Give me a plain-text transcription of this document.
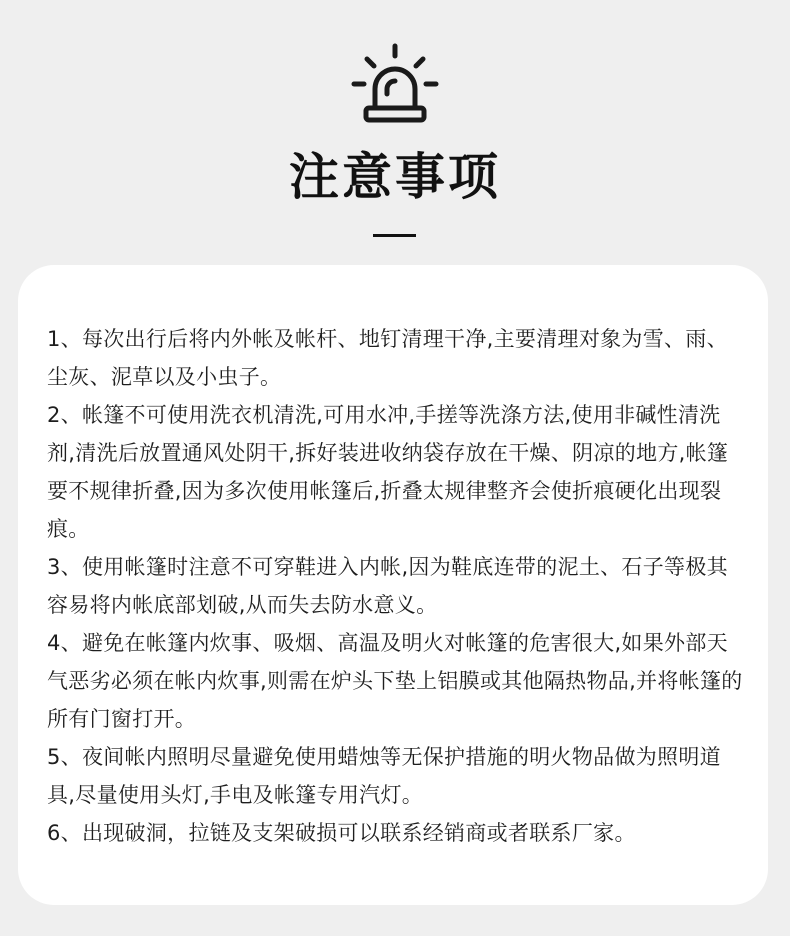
注意事项
1、每次出行后将内外帐及帐杆、地钉清理干净,主要清理对象为雪、雨、尘灰、泥草以及小虫子。
2、帐篷不可使用洗衣机清洗,可用水冲,手搓等洗涤方法,使用非碱性清洗剂,清洗后放置通风处阴干,拆好装进收纳袋存放在干燥、阴凉的地方,帐篷要不规律折叠,因为多次使用帐篷后,折叠太规律整齐会使折痕硬化出现裂痕。
3、使用帐篷时注意不可穿鞋进入内帐,因为鞋底连带的泥土、石子等极其容易将内帐底部划破,从而失去防水意义。
4、避免在帐篷内炊事、吸烟、高温及明火对帐篷的危害很大,如果外部天气恶劣必须在帐内炊事,则需在炉头下垫上铝膜或其他隔热物品,并将帐篷的所有门窗打开。
5、夜间帐内照明尽量避免使用蜡烛等无保护措施的明火物品做为照明道具,尽量使用头灯,手电及帐篷专用汽灯。
6、出现破洞，拉链及支架破损可以联系经销商或者联系厂家。
